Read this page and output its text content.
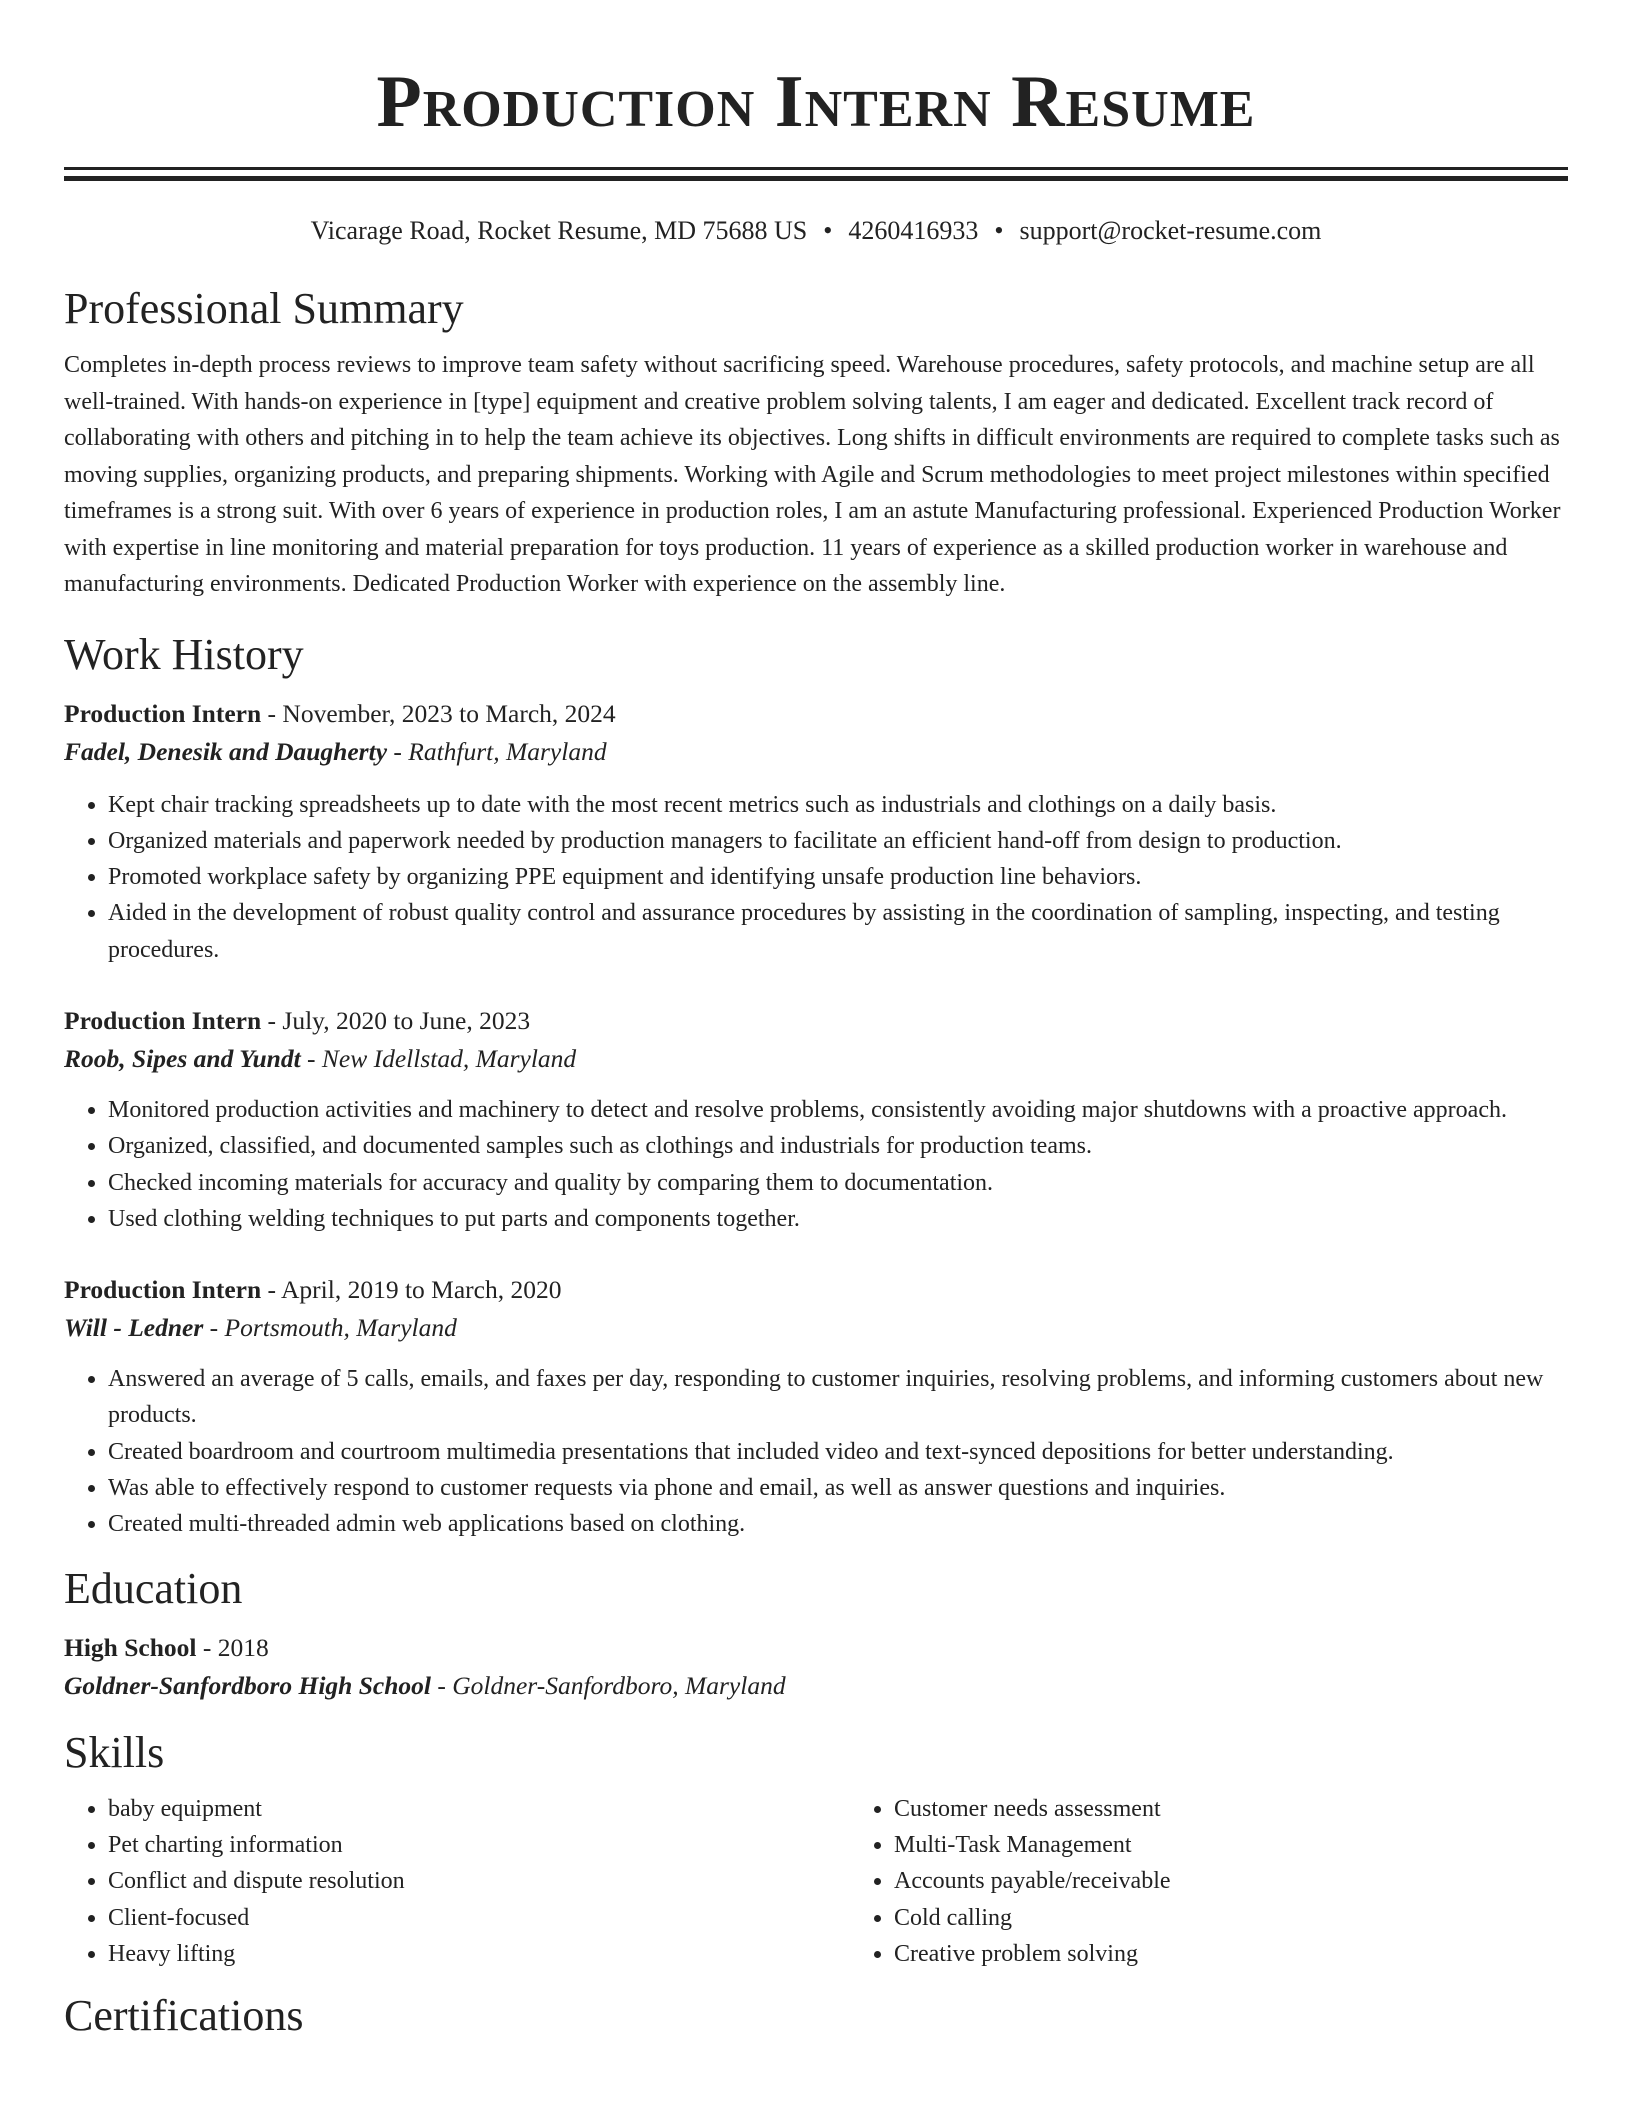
Production Intern Resume
Vicarage Road, Rocket Resume, MD 75688 US • 4260416933 • support@rocket-resume.com
Professional Summary

Completes in-depth process reviews to improve team safety without sacrificing speed. Warehouse procedures, safety protocols, and machine setup are all well-trained. With hands-on experience in [type] equipment and creative problem solving talents, I am eager and dedicated. Excellent track record of collaborating with others and pitching in to help the team achieve its objectives. Long shifts in difficult environments are required to complete tasks such as moving supplies, organizing products, and preparing shipments. Working with Agile and Scrum methodologies to meet project milestones within specified timeframes is a strong suit. With over 6 years of experience in production roles, I am an astute Manufacturing professional. Experienced Production Worker with expertise in line monitoring and material preparation for toys production. 11 years of experience as a skilled production worker in warehouse and manufacturing environments. Dedicated Production Worker with experience on the assembly line.

Work History
Production Intern - November, 2023 to March, 2024
Fadel, Denesik and Daugherty - Rathfurt, Maryland
• Kept chair tracking spreadsheets up to date with the most recent metrics such as industrials and clothings on a daily basis.
• Organized materials and paperwork needed by production managers to facilitate an efficient hand-off from design to production.
• Promoted workplace safety by organizing PPE equipment and identifying unsafe production line behaviors.
• Aided in the development of robust quality control and assurance procedures by assisting in the coordination of sampling, inspecting, and testing procedures.
Production Intern - July, 2020 to June, 2023
Roob, Sipes and Yundt - New Idellstad, Maryland
• Monitored production activities and machinery to detect and resolve problems, consistently avoiding major shutdowns with a proactive approach.
• Organized, classified, and documented samples such as clothings and industrials for production teams.
• Checked incoming materials for accuracy and quality by comparing them to documentation.
• Used clothing welding techniques to put parts and components together.
Production Intern - April, 2019 to March, 2020
Will - Ledner - Portsmouth, Maryland
• Answered an average of 5 calls, emails, and faxes per day, responding to customer inquiries, resolving problems, and informing customers about new products.
• Created boardroom and courtroom multimedia presentations that included video and text-synced depositions for better understanding.
• Was able to effectively respond to customer requests via phone and email, as well as answer questions and inquiries.
• Created multi-threaded admin web applications based on clothing.
Education
High School - 2018
Goldner-Sanfordboro High School - Goldner-Sanfordboro, Maryland
Skills
• baby equipment
• Pet charting information
• Conflict and dispute resolution
• Client-focused
• Heavy lifting
• Customer needs assessment
• Multi-Task Management
• Accounts payable/receivable
• Cold calling
• Creative problem solving
Certifications
